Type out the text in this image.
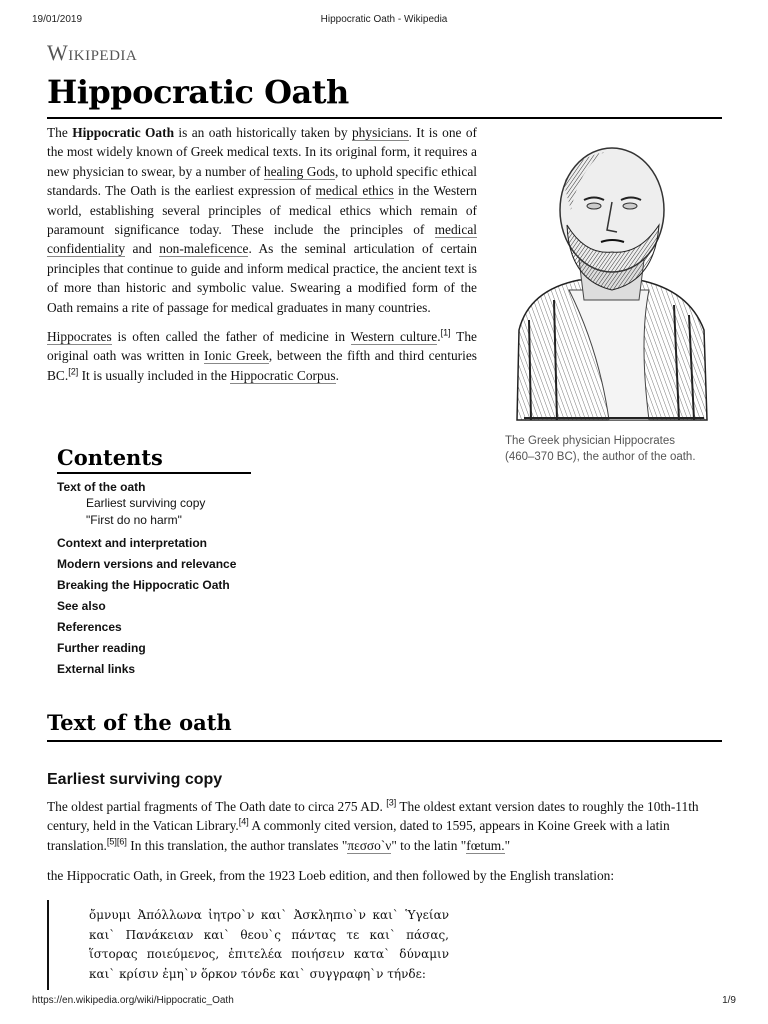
19/01/2019	Hippocratic Oath - Wikipedia
Wikipedia
Hippocratic Oath

The Hippocratic Oath is an oath historically taken by physicians. It is one of the most widely known of Greek medical texts. In its original form, it requires a new physician to swear, by a number of healing Gods, to uphold specific ethical standards. The Oath is the earliest expression of medical ethics in the Western world, establishing several principles of medical ethics which remain of paramount significance today. These include the principles of medical confidentiality and non-maleficence. As the seminal articulation of certain principles that continue to guide and inform medical practice, the ancient text is of more than historic and symbolic value. Swearing a modified form of the Oath remains a rite of passage for medical graduates in many countries.

Hippocrates is often called the father of medicine in Western culture.[1] The original oath was written in Ionic Greek, between the fifth and third centuries BC.[2] It is usually included in the Hippocratic Corpus.

The Greek physician Hippocrates (460–370 BC), the author of the oath.
Contents
Text of the oath
Earliest surviving copy
"First do no harm"
Context and interpretation
Modern versions and relevance
Breaking the Hippocratic Oath
See also
References
Further reading
External links
Text of the oath
Earliest surviving copy

The oldest partial fragments of The Oath date to circa 275 AD. [3] The oldest extant version dates to roughly the 10th-11th century, held in the Vatican Library.[4] A commonly cited version, dated to 1595, appears in Koine Greek with a latin translation.[5][6] In this translation, the author translates "πεσσο`ν" to the latin "fœtum."

the Hippocratic Oath, in Greek, from the 1923 Loeb edition, and then followed by the English translation:

ὄμνυμι Ἀπόλλωνα ἰητρο`ν και` Ἀσκληπιο`ν και` Ὑγείαν και` Πανάκειαν και` θεου`ς πάντας τε και` πάσας, ἵστορας ποιεύμενος, ἐπιτελέα ποιήσειν κατα` δύναμιν και` κρίσιν ἐμη`ν ὅρκον τόνδε και` συγγραφη`ν τήνδε:
https://en.wikipedia.org/wiki/Hippocratic_Oath	1/9
